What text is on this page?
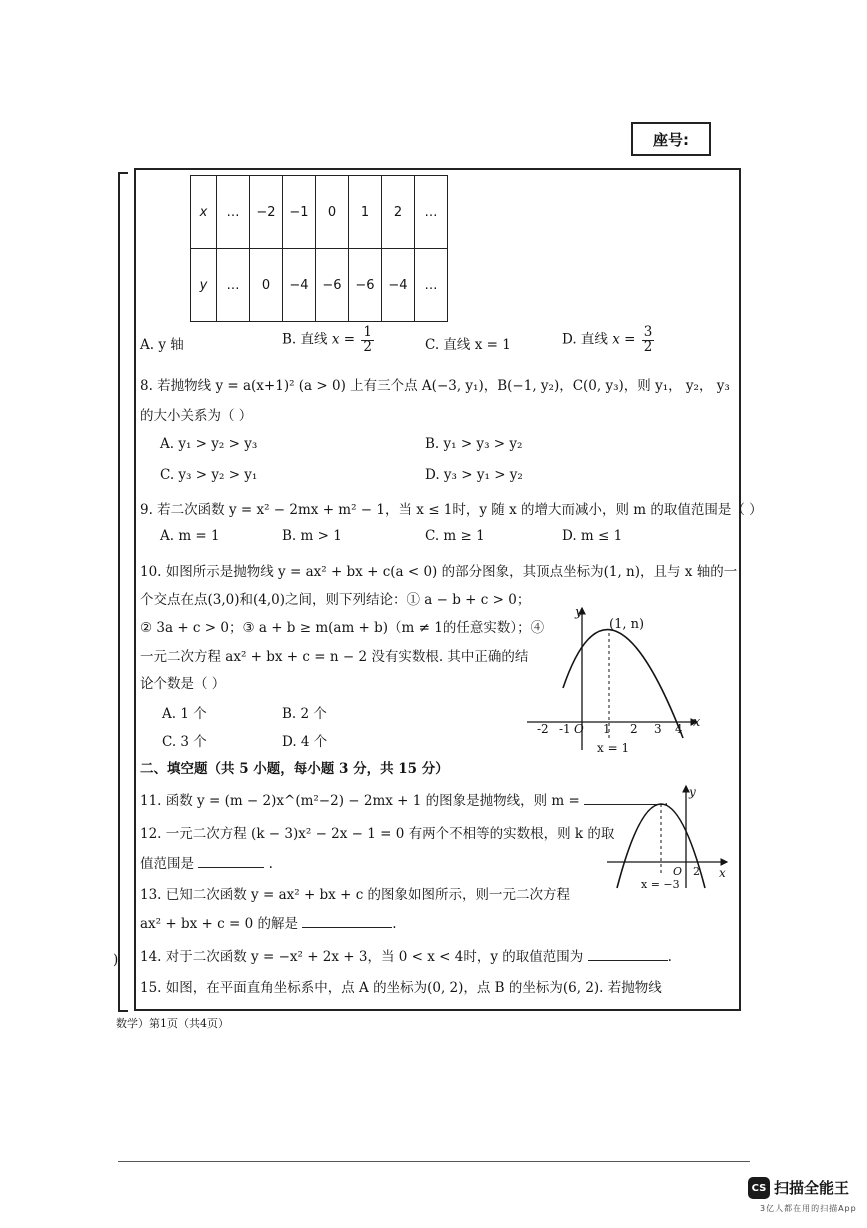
座号:
)
x	…	−2	−1	0	1	2	…
y	…	0	−4	−6	−6	−4	…
A. y 轴	B. 直线 $x = \frac{1}{2}$	C. 直线 x = 1	D. 直线 $x = \frac{3}{2}$
8. 若抛物线 y = a(x+1)² (a > 0) 上有三个点 A(−3, y₁)，B(−1, y₂)，C(0, y₃)，则 y₁， y₂， y₃
的大小关系为（ ）
A. y₁ > y₂ > y₃	B. y₁ > y₃ > y₂
C. y₃ > y₂ > y₁	D. y₃ > y₁ > y₂
9. 若二次函数 y = x² − 2mx + m² − 1，当 x ≤ 1时，y 随 x 的增大而减小，则 m 的取值范围是（ ）
A. m = 1	B. m > 1	C. m ≥ 1	D. m ≤ 1
10. 如图所示是抛物线 y = ax² + bx + c(a < 0) 的部分图象，其顶点坐标为(1, n)，且与 x 轴的一
个交点在点(3,0)和(4,0)之间，则下列结论：① a − b + c > 0；
② 3a + c > 0；③ a + b ≥ m(am + b)（m ≠ 1的任意实数）；④
一元二次方程 ax² + bx + c = n − 2 没有实数根. 其中正确的结
论个数是（ ）
A. 1 个	B. 2 个
C. 3 个	D. 4 个
y
x
(1, n)
O
-2 -1	1 2 3 4
x = 1
二、填空题（共 5 小题，每小题 3 分，共 15 分）
11. 函数 y = (m − 2)x^(m²−2) − 2mx + 1 的图象是抛物线，则 m =	.
12. 一元二次方程 (k − 3)x² − 2x − 1 = 0 有两个不相等的实数根，则 k 的取
值范围是	.
13. 已知二次函数 y = ax² + bx + c 的图象如图所示，则一元二次方程
ax² + bx + c = 0 的解是	.
y
x
O 2
x = −3
14. 对于二次函数 y = −x² + 2x + 3，当 0 < x < 4时，y 的取值范围为	.
15. 如图，在平面直角坐标系中，点 A 的坐标为(0, 2)，点 B 的坐标为(6, 2). 若抛物线
数学）第1页（共4页）
CS 扫描全能王
3亿人都在用的扫描App
